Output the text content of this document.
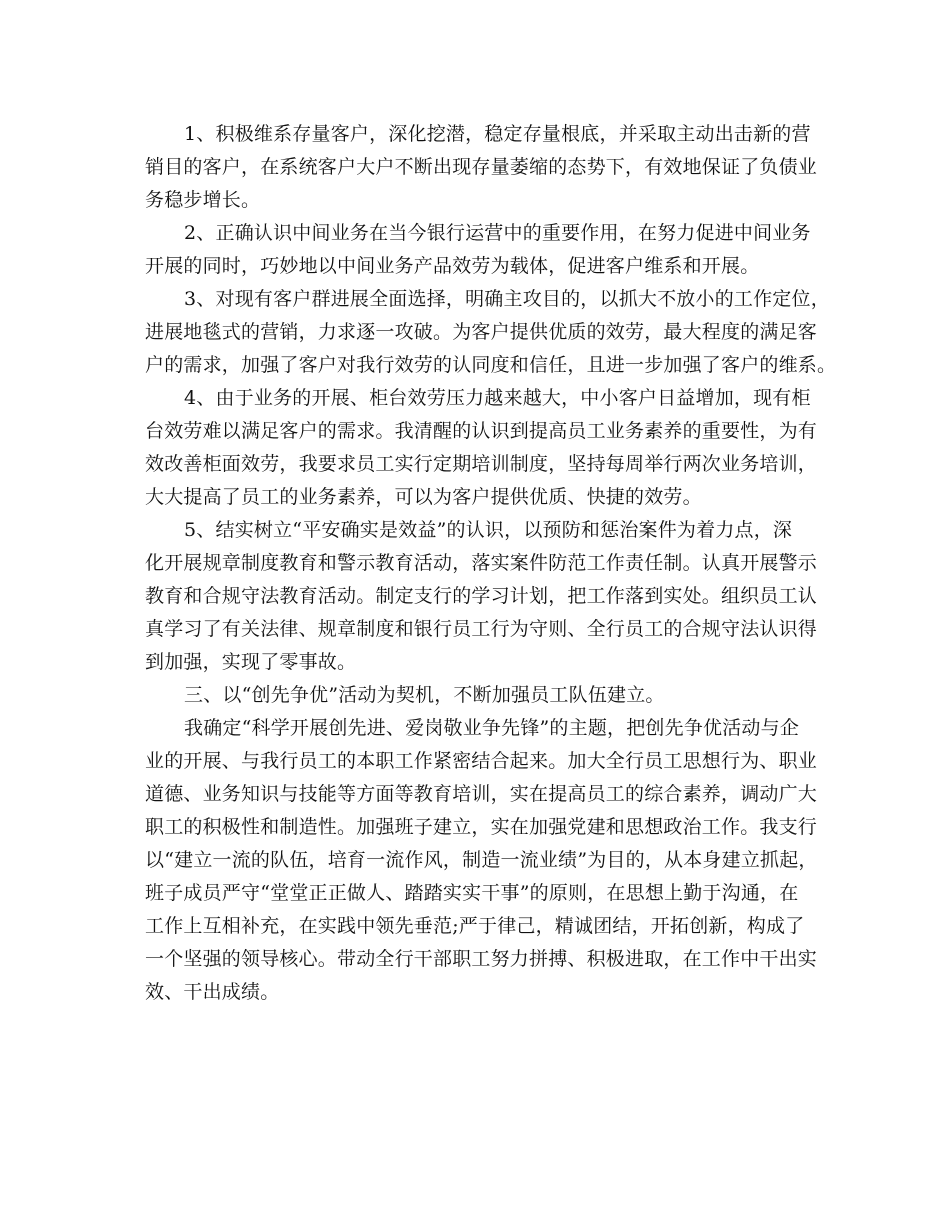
1、积极维系存量客户，深化挖潜，稳定存量根底，并采取主动出击新的营
销目的客户，在系统客户大户不断出现存量萎缩的态势下，有效地保证了负债业
务稳步增长。
2、正确认识中间业务在当今银行运营中的重要作用，在努力促进中间业务
开展的同时，巧妙地以中间业务产品效劳为载体，促进客户维系和开展。
3、对现有客户群进展全面选择，明确主攻目的，以抓大不放小的工作定位，
进展地毯式的营销，力求逐一攻破。为客户提供优质的效劳，最大程度的满足客
户的需求，加强了客户对我行效劳的认同度和信任，且进一步加强了客户的维系。
4、由于业务的开展、柜台效劳压力越来越大，中小客户日益增加，现有柜
台效劳难以满足客户的需求。我清醒的认识到提高员工业务素养的重要性，为有
效改善柜面效劳，我要求员工实行定期培训制度，坚持每周举行两次业务培训，
大大提高了员工的业务素养，可以为客户提供优质、快捷的效劳。
5、结实树立“平安确实是效益”的认识，以预防和惩治案件为着力点，深
化开展规章制度教育和警示教育活动，落实案件防范工作责任制。认真开展警示
教育和合规守法教育活动。制定支行的学习计划，把工作落到实处。组织员工认
真学习了有关法律、规章制度和银行员工行为守则、全行员工的合规守法认识得
到加强，实现了零事故。
三、以“创先争优”活动为契机，不断加强员工队伍建立。
我确定“科学开展创先进、爱岗敬业争先锋”的主题，把创先争优活动与企
业的开展、与我行员工的本职工作紧密结合起来。加大全行员工思想行为、职业
道德、业务知识与技能等方面等教育培训，实在提高员工的综合素养，调动广大
职工的积极性和制造性。加强班子建立，实在加强党建和思想政治工作。我支行
以“建立一流的队伍，培育一流作风，制造一流业绩”为目的，从本身建立抓起，
班子成员严守“堂堂正正做人、踏踏实实干事”的原则，在思想上勤于沟通，在
工作上互相补充，在实践中领先垂范;严于律己，精诚团结，开拓创新，构成了
一个坚强的领导核心。带动全行干部职工努力拼搏、积极进取，在工作中干出实
效、干出成绩。
